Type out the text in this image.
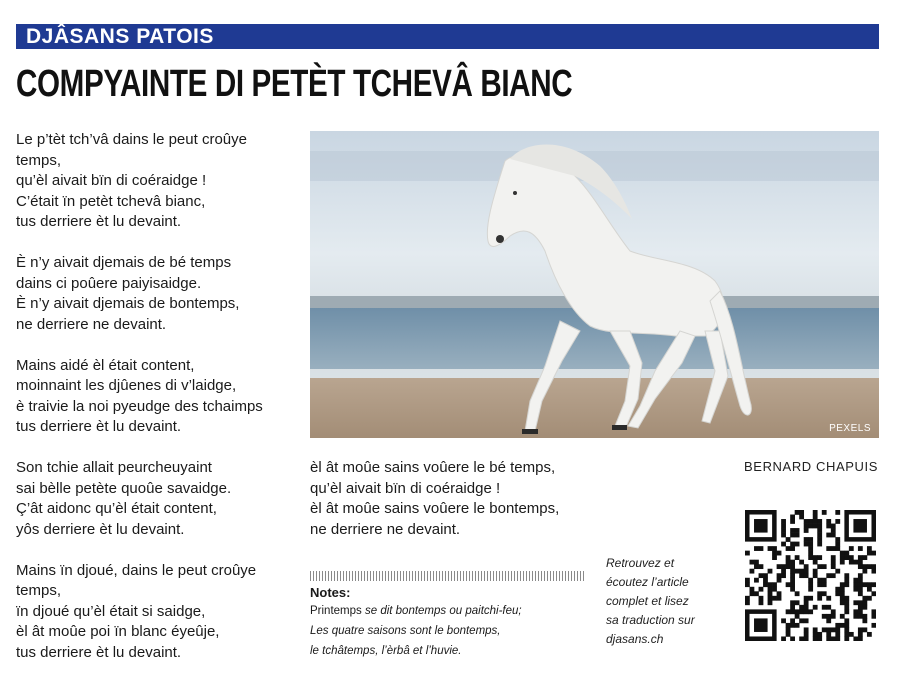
DJÂSANS PATOIS
COMPYAINTE DI PETÈT TCHEVÂ BIANC
Le p’tèt tch’vâ dains le peut croûye
temps,
qu’èl aivait bïn di coéraidge !
C’était ïn petèt tchevâ bianc,
tus derriere èt lu devaint.
È n’y aivait djemais de bé temps
dains ci poûere paiyisaidge.
È n’y aivait djemais de bontemps,
ne derriere ne devaint.
Mains aidé èl était content,
moinnaint les djûenes di v’laidge,
è traivie la noi pyeudge des tchaimps
tus derriere èt lu devaint.
Son tchie allait peurcheuyaint
sai bèlle petète quoûe savaidge.
Ç’ât aidonc qu’èl était content,
yôs derriere èt lu devaint.
Mains ïn djoué, dains le peut croûye
temps,
ïn djoué qu’èl était si saidge,
èl ât moûe poi ïn blanc éyeûje,
tus derriere èt lu devaint.
PEXELS
èl ât moûe sains voûere le bé temps,
qu’èl aivait bïn di coéraidge !
èl ât moûe sains voûere le bontemps,
ne derriere ne devaint.
BERNARD CHAPUIS
Notes:
Printemps se dit bontemps ou paitchi-feu;
Les quatre saisons sont le bontemps,
le tchâtemps, l’èrbâ et l’huvie.
Retrouvez et
écoutez l’article
complet et lisez
sa traduction sur
djasans.ch
